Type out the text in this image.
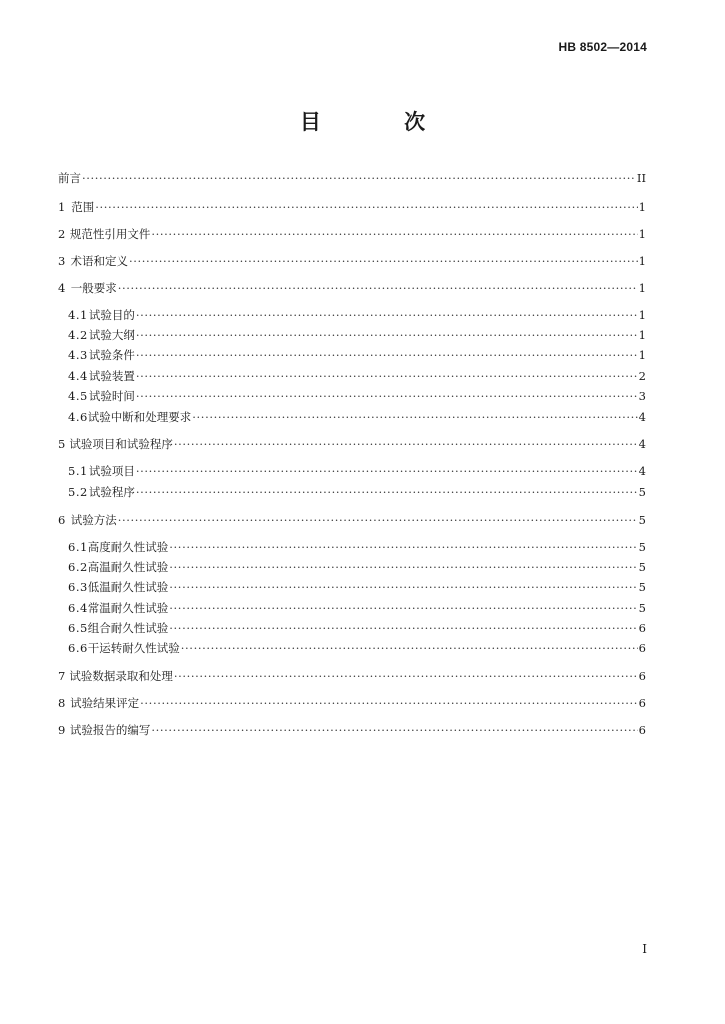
HB 8502—2014
目 次
前言 ·····	II
1 范围 ·····	1
2 规范性引用文件 ·····	1
3 术语和定义 ·····	1
4 一般要求 ·····	1
4.1 试验目的 ·····	1
4.2 试验大纲 ·····	1
4.3 试验条件 ·····	1
4.4 试验装置 ·····	2
4.5 试验时间 ·····	3
4.6 试验中断和处理要求 ·····	4
5 试验项目和试验程序 ·····	4
5.1 试验项目 ·····	4
5.2 试验程序 ·····	5
6 试验方法 ·····	5
6.1 高度耐久性试验 ·····	5
6.2 高温耐久性试验 ·····	5
6.3 低温耐久性试验 ·····	5
6.4 常温耐久性试验 ·····	5
6.5 组合耐久性试验 ·····	6
6.6 干运转耐久性试验 ·····	6
7 试验数据录取和处理 ·····	6
8 试验结果评定 ·····	6
9 试验报告的编写 ·····	6
I
